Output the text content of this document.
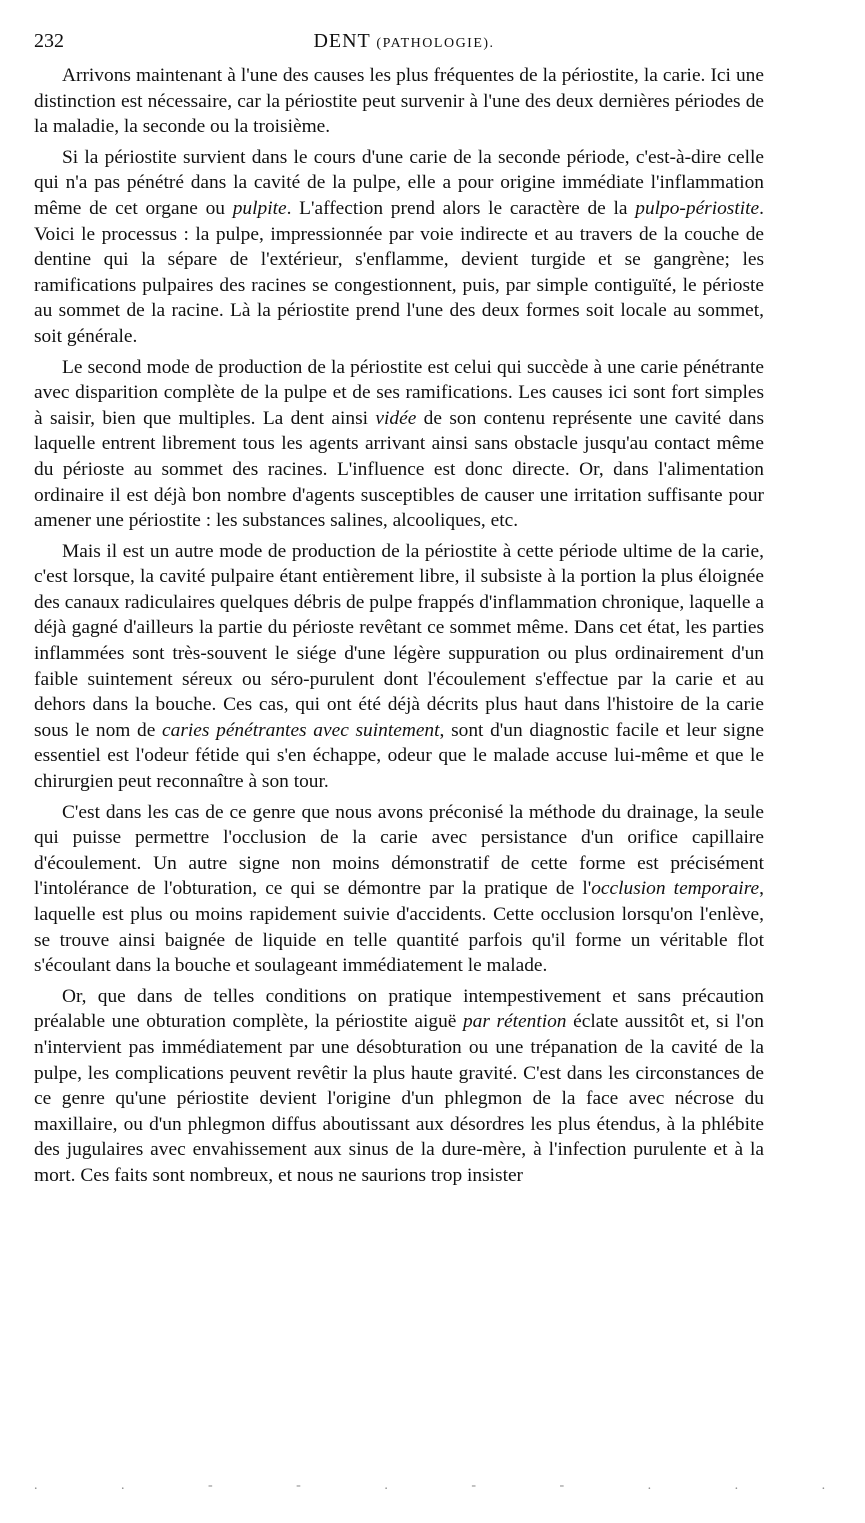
232	DENT (PATHOLOGIE).

Arrivons maintenant à l'une des causes les plus fréquentes de la périostite, la carie. Ici une distinction est nécessaire, car la périostite peut survenir à l'une des deux dernières périodes de la maladie, la seconde ou la troisième.

Si la périostite survient dans le cours d'une carie de la seconde période, c'est-à-dire celle qui n'a pas pénétré dans la cavité de la pulpe, elle a pour origine immédiate l'inflammation même de cet organe ou pulpite. L'affection prend alors le caractère de la pulpo-périostite. Voici le processus : la pulpe, impressionnée par voie indirecte et au travers de la couche de dentine qui la sépare de l'extérieur, s'enflamme, devient turgide et se gangrène; les ramifications pulpaires des racines se congestionnent, puis, par simple contiguïté, le périoste au sommet de la racine. Là la périostite prend l'une des deux formes soit locale au sommet, soit générale.

Le second mode de production de la périostite est celui qui succède à une carie pénétrante avec disparition complète de la pulpe et de ses ramifications. Les causes ici sont fort simples à saisir, bien que multiples. La dent ainsi vidée de son contenu représente une cavité dans laquelle entrent librement tous les agents arrivant ainsi sans obstacle jusqu'au contact même du périoste au sommet des racines. L'influence est donc directe. Or, dans l'alimentation ordinaire il est déjà bon nombre d'agents susceptibles de causer une irritation suffisante pour amener une périostite : les substances salines, alcooliques, etc.

Mais il est un autre mode de production de la périostite à cette période ultime de la carie, c'est lorsque, la cavité pulpaire étant entièrement libre, il subsiste à la portion la plus éloignée des canaux radiculaires quelques débris de pulpe frappés d'inflammation chronique, laquelle a déjà gagné d'ailleurs la partie du périoste revêtant ce sommet même. Dans cet état, les parties inflammées sont très-souvent le siége d'une légère suppuration ou plus ordinairement d'un faible suintement séreux ou séro-purulent dont l'écoulement s'effectue par la carie et au dehors dans la bouche. Ces cas, qui ont été déjà décrits plus haut dans l'histoire de la carie sous le nom de caries pénétrantes avec suintement, sont d'un diagnostic facile et leur signe essentiel est l'odeur fétide qui s'en échappe, odeur que le malade accuse lui-même et que le chirurgien peut reconnaître à son tour.

C'est dans les cas de ce genre que nous avons préconisé la méthode du drainage, la seule qui puisse permettre l'occlusion de la carie avec persistance d'un orifice capillaire d'écoulement. Un autre signe non moins démonstratif de cette forme est précisément l'intolérance de l'obturation, ce qui se démontre par la pratique de l'occlusion temporaire, laquelle est plus ou moins rapidement suivie d'accidents. Cette occlusion lorsqu'on l'enlève, se trouve ainsi baignée de liquide en telle quantité parfois qu'il forme un véritable flot s'écoulant dans la bouche et soulageant immédiatement le malade.

Or, que dans de telles conditions on pratique intempestivement et sans précaution préalable une obturation complète, la périostite aiguë par rétention éclate aussitôt et, si l'on n'intervient pas immédiatement par une désobturation ou une trépanation de la cavité de la pulpe, les complications peuvent revêtir la plus haute gravité. C'est dans les circonstances de ce genre qu'une périostite devient l'origine d'un phlegmon de la face avec nécrose du maxillaire, ou d'un phlegmon diffus aboutissant aux désordres les plus étendus, à la phlébite des jugulaires avec envahissement aux sinus de la dure-mère, à l'infection purulente et à la mort. Ces faits sont nombreux, et nous ne saurions trop insister

. . - - . - - . . .
